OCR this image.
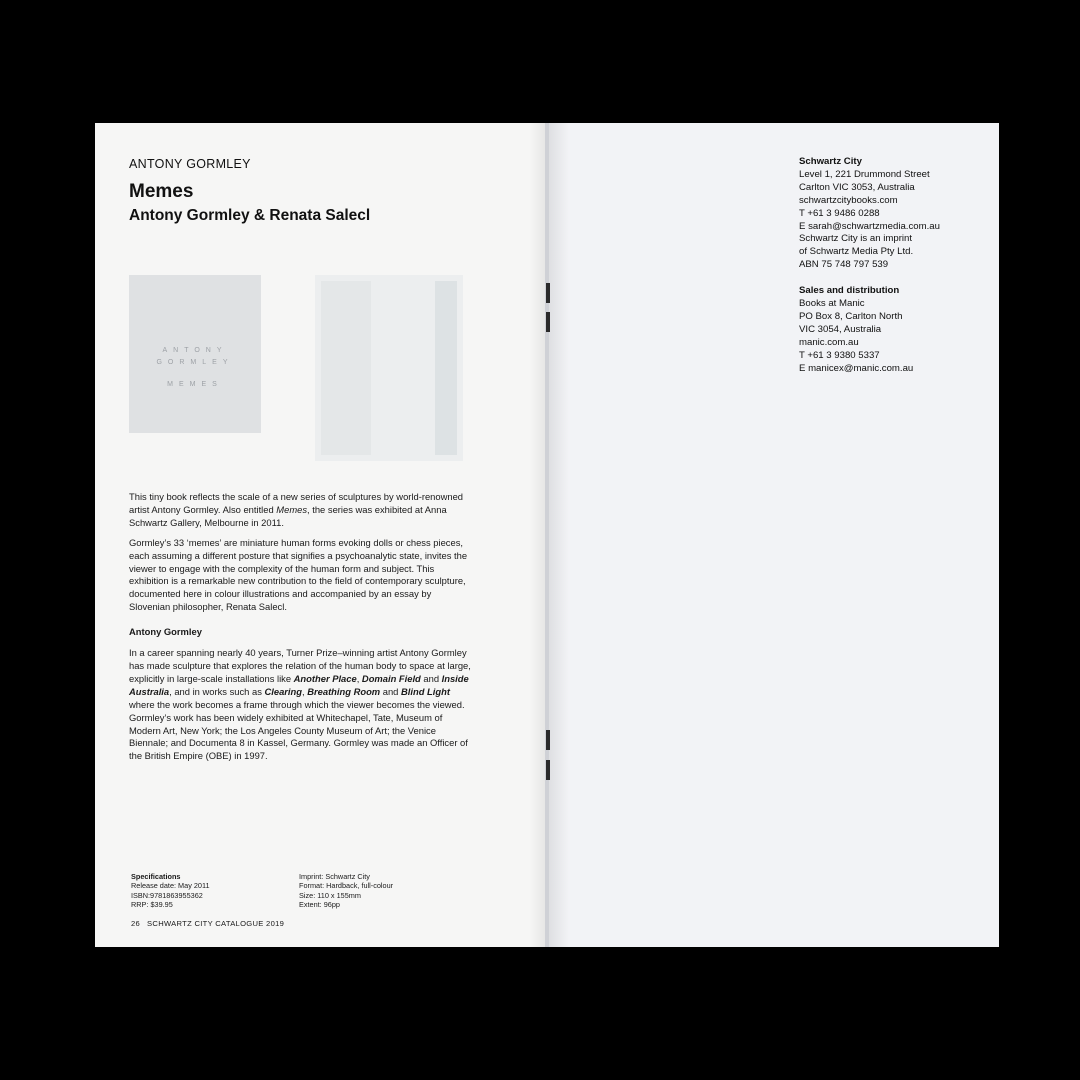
ANTONY GORMLEY
Memes
Antony Gormley & Renata Salecl
ANTONY
GORMLEY
MEMES

This tiny book reflects the scale of a new series of sculptures by world-renowned artist Antony Gormley. Also entitled Memes, the series was exhibited at Anna Schwartz Gallery, Melbourne in 2011.

Gormley’s 33 ‘memes’ are miniature human forms evoking dolls or chess pieces, each assuming a different posture that signifies a psychoanalytic state, invites the viewer to engage with the complexity of the human form and subject. This exhibition is a remarkable new contribution to the field of contemporary sculpture, documented here in colour illustrations and accompanied by an essay by Slovenian philosopher, Renata Salecl.

Antony Gormley

In a career spanning nearly 40 years, Turner Prize–winning artist Antony Gormley has made sculpture that explores the relation of the human body to space at large, explicitly in large-scale installations like Another Place, Domain Field and Inside Australia, and in works such as Clearing, Breathing Room and Blind Light where the work becomes a frame through which the viewer becomes the viewed. Gormley’s work has been widely exhibited at Whitechapel, Tate, Museum of Modern Art, New York; the Los Angeles County Museum of Art; the Venice Biennale; and Documenta 8 in Kassel, Germany. Gormley was made an Officer of the British Empire (OBE) in 1997.

Specifications
Release date: May 2011
ISBN:9781863955362
RRP: $39.95
Imprint: Schwartz City
Format: Hardback, full-colour
Size: 110 x 155mm
Extent: 96pp
26 SCHWARTZ CITY CATALOGUE 2019
Schwartz City
Level 1, 221 Drummond Street
Carlton VIC 3053, Australia
schwartzcitybooks.com
T +61 3 9486 0288
E sarah@schwartzmedia.com.au
Schwartz City is an imprint
of Schwartz Media Pty Ltd.
ABN 75 748 797 539
Sales and distribution
Books at Manic
PO Box 8, Carlton North
VIC 3054, Australia
manic.com.au
T +61 3 9380 5337
E manicex@manic.com.au
